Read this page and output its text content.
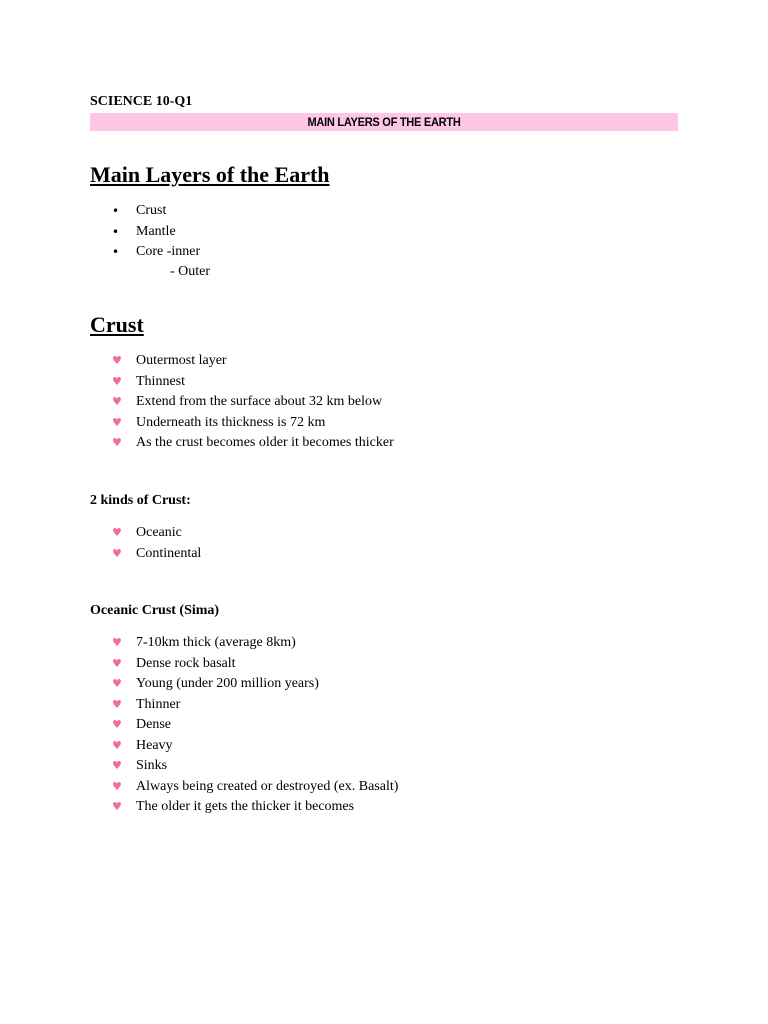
SCIENCE 10-Q1
MAIN LAYERS OF THE EARTH
Main Layers of the Earth
•	Crust
•	Mantle
•	Core -inner
- Outer
Crust
♥	Outermost layer
♥	Thinnest
♥	Extend from the surface about 32 km below
♥	Underneath its thickness is 72 km
♥	As the crust becomes older it becomes thicker
2 kinds of Crust:
♥	Oceanic
♥	Continental
Oceanic Crust (Sima)
♥	7-10km thick (average 8km)
♥	Dense rock basalt
♥	Young (under 200 million years)
♥	Thinner
♥	Dense
♥	Heavy
♥	Sinks
♥	Always being created or destroyed (ex. Basalt)
♥	The older it gets the thicker it becomes
